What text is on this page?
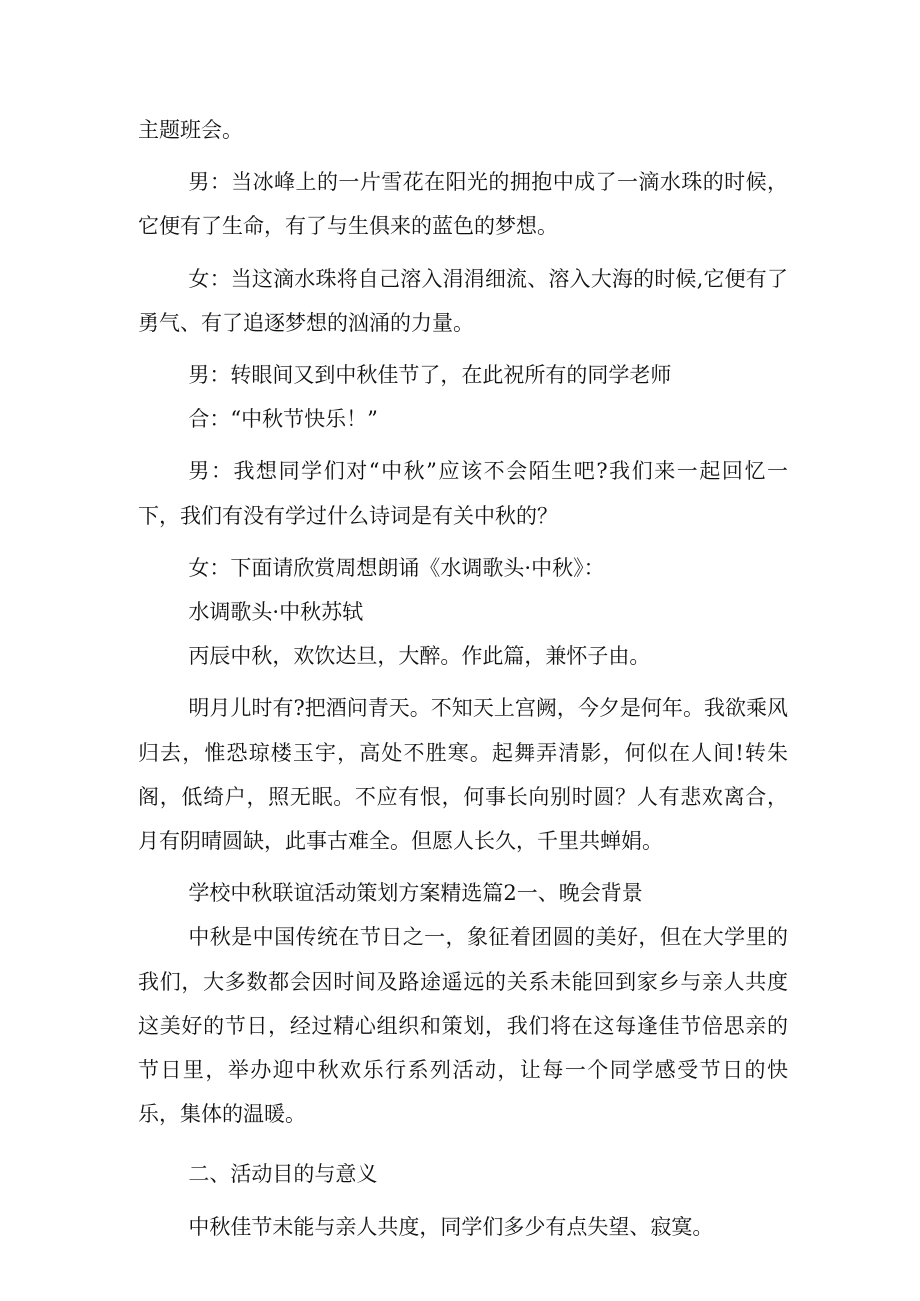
主题班会。

男：当冰峰上的一片雪花在阳光的拥抱中成了一滴水珠的时候，它便有了生命，有了与生俱来的蓝色的梦想。

女：当这滴水珠将自己溶入涓涓细流、溶入大海的时候,它便有了勇气、有了追逐梦想的汹涌的力量。

男：转眼间又到中秋佳节了，在此祝所有的同学老师

合：“中秋节快乐！”

男：我想同学们对“中秋”应该不会陌生吧?我们来一起回忆一下，我们有没有学过什么诗词是有关中秋的？

女：下面请欣赏周想朗诵《水调歌头·中秋》：

水调歌头·中秋苏轼

丙辰中秋，欢饮达旦，大醉。作此篇，兼怀子由。

明月儿时有?把酒问青天。不知天上宫阙，今夕是何年。我欲乘风归去，惟恐琼楼玉宇，高处不胜寒。起舞弄清影，何似在人间!转朱阁，低绮户，照无眠。不应有恨，何事长向别时圆？人有悲欢离合，月有阴晴圆缺，此事古难全。但愿人长久，千里共蝉娟。

学校中秋联谊活动策划方案精选篇2一、晚会背景

中秋是中国传统在节日之一，象征着团圆的美好，但在大学里的我们，大多数都会因时间及路途遥远的关系未能回到家乡与亲人共度这美好的节日，经过精心组织和策划，我们将在这每逢佳节倍思亲的节日里，举办迎中秋欢乐行系列活动，让每一个同学感受节日的快乐，集体的温暖。

二、活动目的与意义

中秋佳节未能与亲人共度，同学们多少有点失望、寂寞。
